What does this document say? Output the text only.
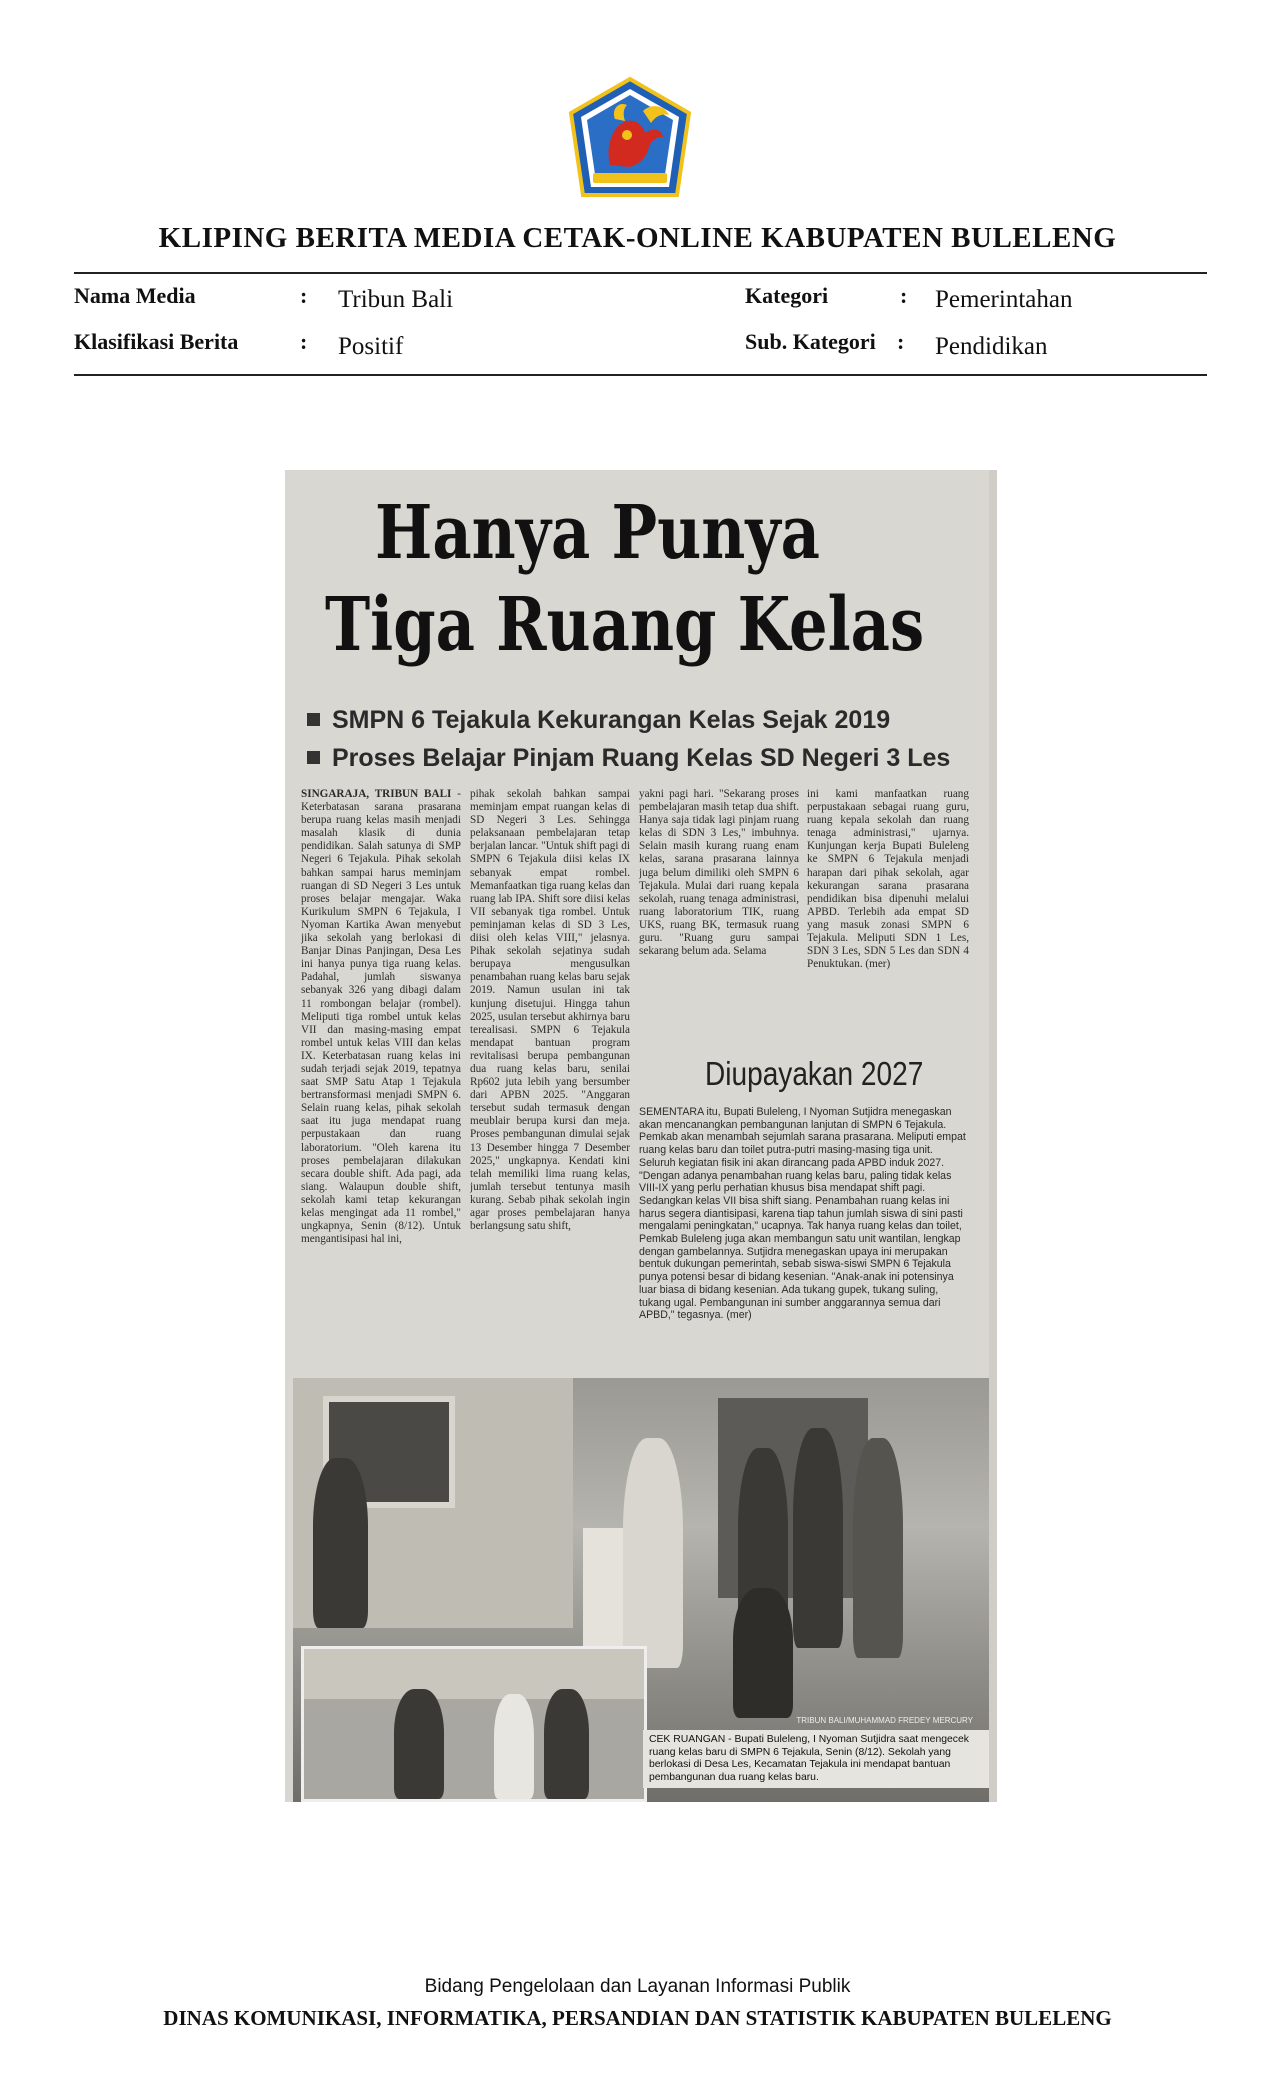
KLIPING BERITA MEDIA CETAK-ONLINE KABUPATEN BULELENG
Nama Media	: Tribun Bali	Kategori	: Pemerintahan
Klasifikasi Berita	: Positif	Sub. Kategori : Pendidikan
Hanya Punya
Tiga Ruang Kelas
SMPN 6 Tejakula Kekurangan Kelas Sejak 2019
Proses Belajar Pinjam Ruang Kelas SD Negeri 3 Les
SINGARAJA, TRIBUN BALI - Keterbatasan sarana prasarana berupa ruang kelas masih menjadi masalah klasik di dunia pendidikan. Salah satunya di SMP Negeri 6 Tejakula. Pihak sekolah bahkan sampai harus meminjam ruangan di SD Negeri 3 Les untuk proses belajar mengajar. Waka Kurikulum SMPN 6 Tejakula, I Nyoman Kartika Awan menyebut jika sekolah yang berlokasi di Banjar Dinas Panjingan, Desa Les ini hanya punya tiga ruang kelas. Padahal, jumlah siswanya sebanyak 326 yang dibagi dalam 11 rombongan belajar (rombel). Meliputi tiga rombel untuk kelas VII dan masing-masing empat rombel untuk kelas VIII dan kelas IX. Keterbatasan ruang kelas ini sudah terjadi sejak 2019, tepatnya saat SMP Satu Atap 1 Tejakula bertransformasi menjadi SMPN 6. Selain ruang kelas, pihak sekolah saat itu juga mendapat ruang perpustakaan dan ruang laboratorium. "Oleh karena itu proses pembelajaran dilakukan secara double shift. Ada pagi, ada siang. Walaupun double shift, sekolah kami tetap kekurangan kelas mengingat ada 11 rombel," ungkapnya, Senin (8/12). Untuk mengantisipasi hal ini,
pihak sekolah bahkan sampai meminjam empat ruangan kelas di SD Negeri 3 Les. Sehingga pelaksanaan pembelajaran tetap berjalan lancar. "Untuk shift pagi di SMPN 6 Tejakula diisi kelas IX sebanyak empat rombel. Memanfaatkan tiga ruang kelas dan ruang lab IPA. Shift sore diisi kelas VII sebanyak tiga rombel. Untuk peminjaman kelas di SD 3 Les, diisi oleh kelas VIII," jelasnya. Pihak sekolah sejatinya sudah berupaya mengusulkan penambahan ruang kelas baru sejak 2019. Namun usulan ini tak kunjung disetujui. Hingga tahun 2025, usulan tersebut akhirnya baru terealisasi. SMPN 6 Tejakula mendapat bantuan program revitalisasi berupa pembangunan dua ruang kelas baru, senilai Rp602 juta lebih yang bersumber dari APBN 2025. "Anggaran tersebut sudah termasuk dengan meublair berupa kursi dan meja. Proses pembangunan dimulai sejak 13 Desember hingga 7 Desember 2025," ungkapnya. Kendati kini telah memiliki lima ruang kelas, jumlah tersebut tentunya masih kurang. Sebab pihak sekolah ingin agar proses pembelajaran hanya berlangsung satu shift,
yakni pagi hari. "Sekarang proses pembelajaran masih tetap dua shift. Hanya saja tidak lagi pinjam ruang kelas di SDN 3 Les," imbuhnya. Selain masih kurang ruang enam kelas, sarana prasarana lainnya juga belum dimiliki oleh SMPN 6 Tejakula. Mulai dari ruang kepala sekolah, ruang tenaga administrasi, ruang laboratorium TIK, ruang UKS, ruang BK, termasuk ruang guru. "Ruang guru sampai sekarang belum ada. Selama
ini kami manfaatkan ruang perpustakaan sebagai ruang guru, ruang kepala sekolah dan ruang tenaga administrasi," ujarnya. Kunjungan kerja Bupati Buleleng ke SMPN 6 Tejakula menjadi harapan dari pihak sekolah, agar kekurangan sarana prasarana pendidikan bisa dipenuhi melalui APBD. Terlebih ada empat SD yang masuk zonasi SMPN 6 Tejakula. Meliputi SDN 1 Les, SDN 3 Les, SDN 5 Les dan SDN 4 Penuktukan. (mer)
Diupayakan 2027
SEMENTARA itu, Bupati Buleleng, I Nyoman Sutjidra menegaskan akan mencanangkan pembangunan lanjutan di SMPN 6 Tejakula. Pemkab akan menambah sejumlah sarana prasarana. Meliputi empat ruang kelas baru dan toilet putra-putri masing-masing tiga unit. Seluruh kegiatan fisik ini akan dirancang pada APBD induk 2027. "Dengan adanya penambahan ruang kelas baru, paling tidak kelas VIII-IX yang perlu perhatian khusus bisa mendapat shift pagi. Sedangkan kelas VII bisa shift siang. Penambahan ruang kelas ini harus segera diantisipasi, karena tiap tahun jumlah siswa di sini pasti mengalami peningkatan," ucapnya. Tak hanya ruang kelas dan toilet, Pemkab Buleleng juga akan membangun satu unit wantilan, lengkap dengan gambelannya. Sutjidra menegaskan upaya ini merupakan bentuk dukungan pemerintah, sebab siswa-siswi SMPN 6 Tejakula punya potensi besar di bidang kesenian. "Anak-anak ini potensinya luar biasa di bidang kesenian. Ada tukang gupek, tukang suling, tukang ugal. Pembangunan ini sumber anggarannya semua dari APBD," tegasnya. (mer)
TRIBUN BALI/MUHAMMAD FREDEY MERCURY
CEK RUANGAN - Bupati Buleleng, I Nyoman Sutjidra saat mengecek ruang kelas baru di SMPN 6 Tejakula, Senin (8/12). Sekolah yang berlokasi di Desa Les, Kecamatan Tejakula ini mendapat bantuan pembangunan dua ruang kelas baru.
Bidang Pengelolaan dan Layanan Informasi Publik
DINAS KOMUNIKASI, INFORMATIKA, PERSANDIAN DAN STATISTIK KABUPATEN BULELENG
